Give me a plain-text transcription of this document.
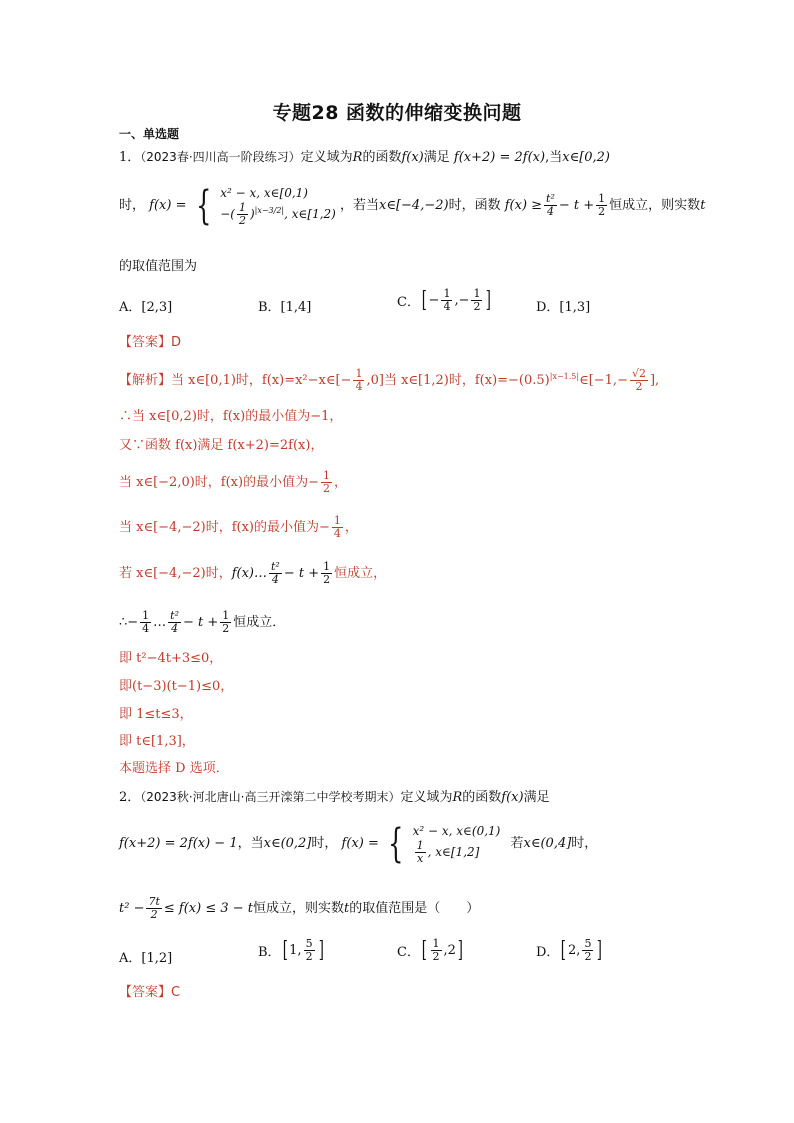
专题28 函数的伸缩变换问题
一、单选题
1．（2023春·四川高一阶段练习）定义域为R的函数f(x)满足 f(x+2) = 2f(x),当x∈[0,2)
时， f(x) = { x² − x, x∈[0,1)
−( $\frac{1}{2} )^{|x-3/2|}$, x∈[1,2)
，若当x∈[−4,−2)时，函数 $f(x) \ge \frac{\text{t²}}{4} - t + \frac{1}{2}$ 恒成立，则实数t
的取值范围为
A．[2,3]	B．[1,4]	C．[ − $\frac{1}{4}$ ,− $\frac{1}{2}$ ]	D．[1,3]
【答案】D
【解析】当 x∈[0,1)时，f(x)=x²−x∈[− $\frac{1}{4} ,0$]当 x∈[1,2)时，$f(x)=-(0.5)^{|x-1.5|}\in[-1,- \frac{√2}{2}$ ],
∴当 x∈[0,2)时，f(x)的最小值为−1，
又∵函数 f(x)满足 f(x+2)=2f(x)，
当 x∈[−2,0)时，f(x)的最小值为− $\frac{1}{2}$ ，
当 x∈[−4,−2)时，f(x)的最小值为− $\frac{1}{4}$ ，
若 x∈[−4,−2)时，f(x)… $\frac{\text{t²}}{4} - t + \frac{1}{2}$ 恒成立，
∴− $\frac{1}{4}$ … $\frac{\text{t²}}{4} - t + \frac{1}{2}$ 恒成立．
即 t²−4t+3≤0，
即(t−3)(t−1)≤0，
即 1≤t≤3，
即 t∈[1,3]，
本题选择 D 选项．
2．（2023秋·河北唐山·高三开滦第二中学校考期末）定义域为R的函数f(x)满足
f(x+2) = 2f(x) − 1，当x∈(0,2]时， f(x) = { x² − x, x∈(0,1)
$\frac{1}{x}$ , x∈[1,2]
若x∈(0,4]时，
$t^2 - \frac{7t}{2} \le f(x) \le 3 - t$恒成立，则实数t的取值范围是（　　）
A．[1,2]	B．[ 1, $\frac{5}{2}$ ]	C．[ $\frac{1}{2} ,2$]	D．[ 2, $\frac{5}{2}$ ]
【答案】C
